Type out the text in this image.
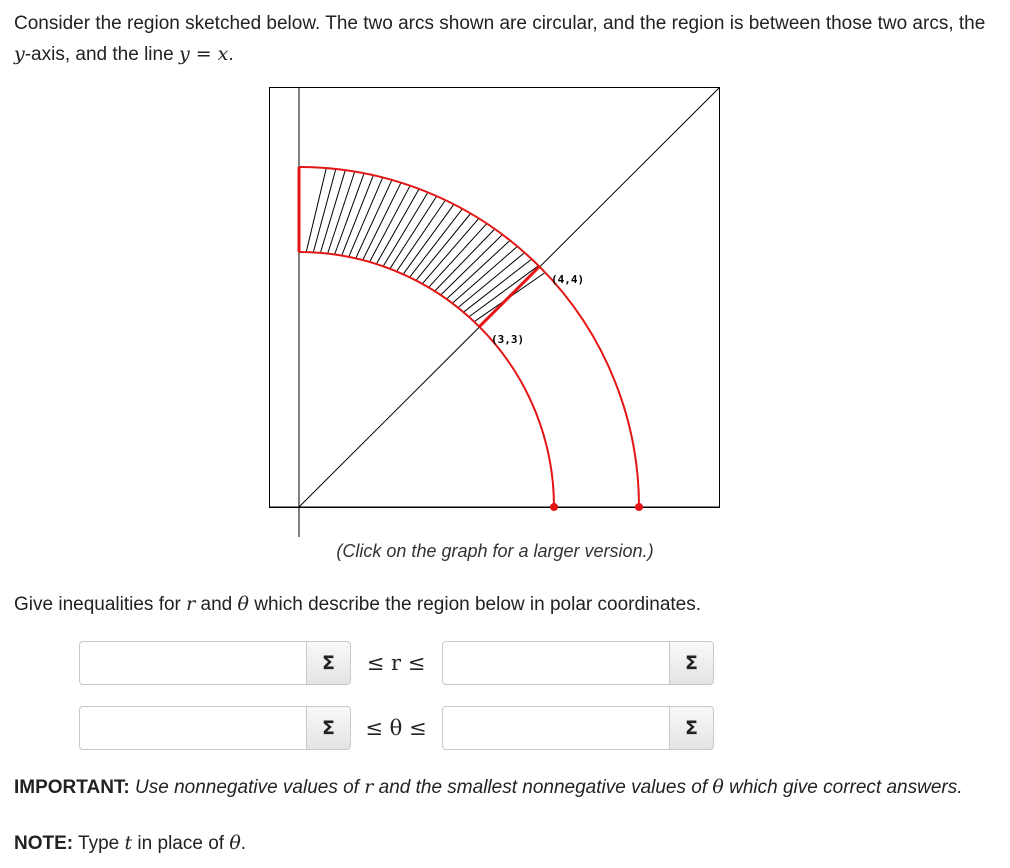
Consider the region sketched below. The two arcs shown are circular, and the region is between those two arcs, the y-axis, and the line y = x.
(3,3)
(4,4)
(Click on the graph for a larger version.)
Give inequalities for r and θ which describe the region below in polar coordinates.
Σ	≤ r ≤	Σ
Σ	≤ θ ≤	Σ
IMPORTANT: Use nonnegative values of r and the smallest nonnegative values of θ which give correct answers.
NOTE: Type t in place of θ.
